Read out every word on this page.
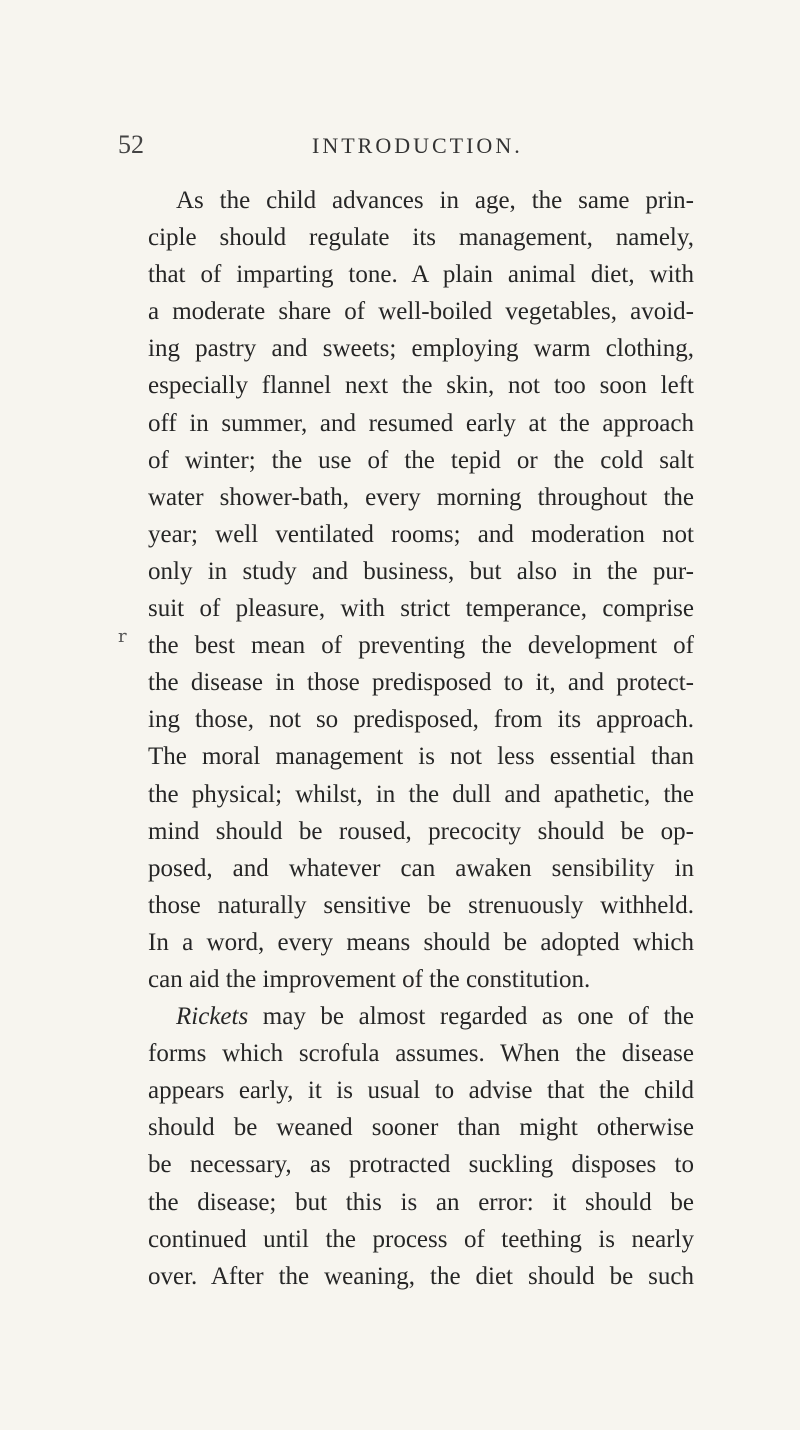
52	INTRODUCTION.
r
As the child advances in age, the same prin-
ciple should regulate its management, namely,
that of imparting tone. A plain animal diet, with
a moderate share of well-boiled vegetables, avoid-
ing pastry and sweets; employing warm clothing,
especially flannel next the skin, not too soon left
off in summer, and resumed early at the approach
of winter; the use of the tepid or the cold salt
water shower-bath, every morning throughout the
year; well ventilated rooms; and moderation not
only in study and business, but also in the pur-
suit of pleasure, with strict temperance, comprise
the best mean of preventing the development of
the disease in those predisposed to it, and protect-
ing those, not so predisposed, from its approach.
The moral management is not less essential than
the physical; whilst, in the dull and apathetic, the
mind should be roused, precocity should be op-
posed, and whatever can awaken sensibility in
those naturally sensitive be strenuously withheld.
In a word, every means should be adopted which
can aid the improvement of the constitution.
Rickets may be almost regarded as one of the
forms which scrofula assumes. When the disease
appears early, it is usual to advise that the child
should be weaned sooner than might otherwise
be necessary, as protracted suckling disposes to
the disease; but this is an error: it should be
continued until the process of teething is nearly
over. After the weaning, the diet should be such
